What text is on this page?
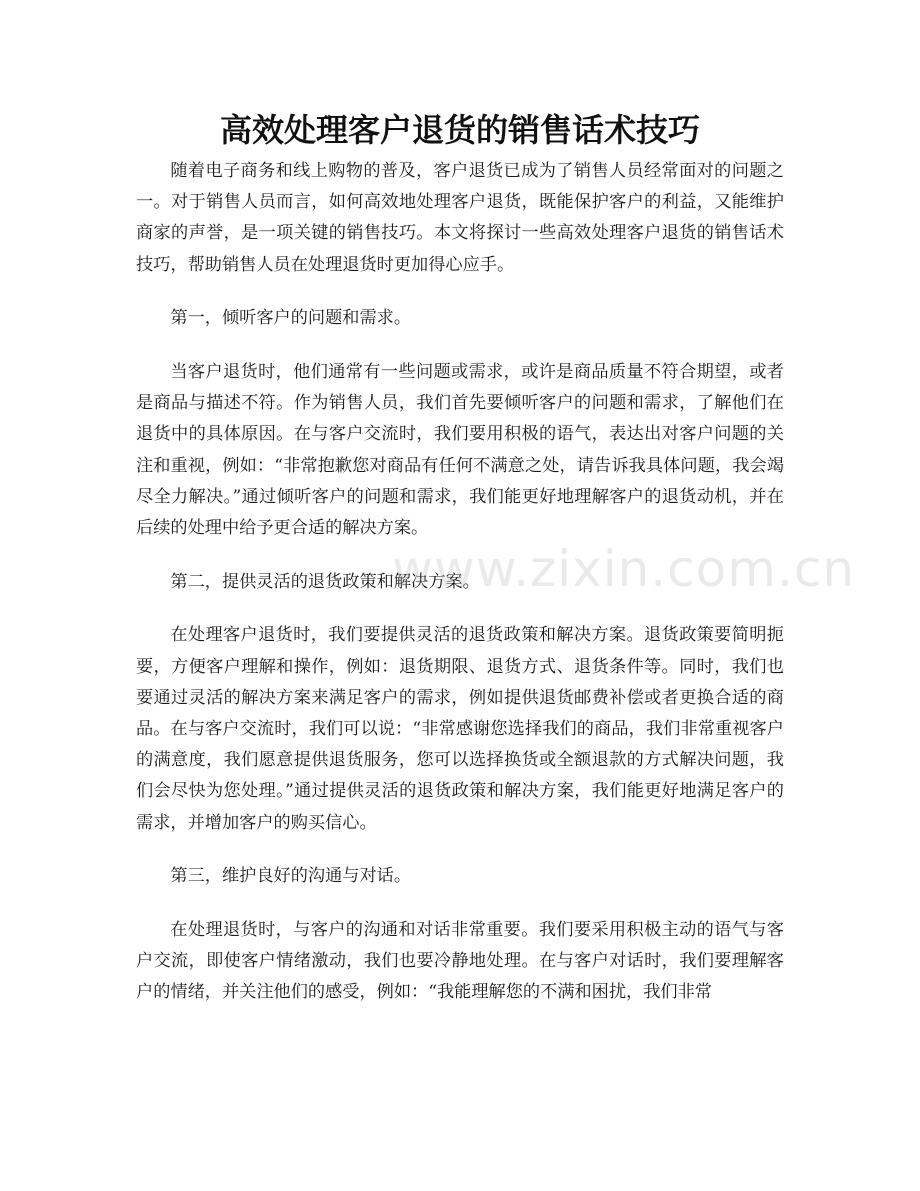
高效处理客户退货的销售话术技巧

随着电子商务和线上购物的普及，客户退货已成为了销售人员经常面对的问题之一。对于销售人员而言，如何高效地处理客户退货，既能保护客户的利益，又能维护商家的声誉，是一项关键的销售技巧。本文将探讨一些高效处理客户退货的销售话术技巧，帮助销售人员在处理退货时更加得心应手。

第一，倾听客户的问题和需求。

当客户退货时，他们通常有一些问题或需求，或许是商品质量不符合期望，或者是商品与描述不符。作为销售人员，我们首先要倾听客户的问题和需求，了解他们在退货中的具体原因。在与客户交流时，我们要用积极的语气，表达出对客户问题的关注和重视，例如：“非常抱歉您对商品有任何不满意之处，请告诉我具体问题，我会竭尽全力解决。”通过倾听客户的问题和需求，我们能更好地理解客户的退货动机，并在后续的处理中给予更合适的解决方案。

第二，提供灵活的退货政策和解决方案。

在处理客户退货时，我们要提供灵活的退货政策和解决方案。退货政策要简明扼要，方便客户理解和操作，例如：退货期限、退货方式、退货条件等。同时，我们也要通过灵活的解决方案来满足客户的需求，例如提供退货邮费补偿或者更换合适的商品。在与客户交流时，我们可以说：“非常感谢您选择我们的商品，我们非常重视客户的满意度，我们愿意提供退货服务，您可以选择换货或全额退款的方式解决问题，我们会尽快为您处理。”通过提供灵活的退货政策和解决方案，我们能更好地满足客户的需求，并增加客户的购买信心。

第三，维护良好的沟通与对话。

在处理退货时，与客户的沟通和对话非常重要。我们要采用积极主动的语气与客户交流，即使客户情绪激动，我们也要冷静地处理。在与客户对话时，我们要理解客户的情绪，并关注他们的感受，例如：“我能理解您的不满和困扰，我们非常

www.zixin.com.cn
